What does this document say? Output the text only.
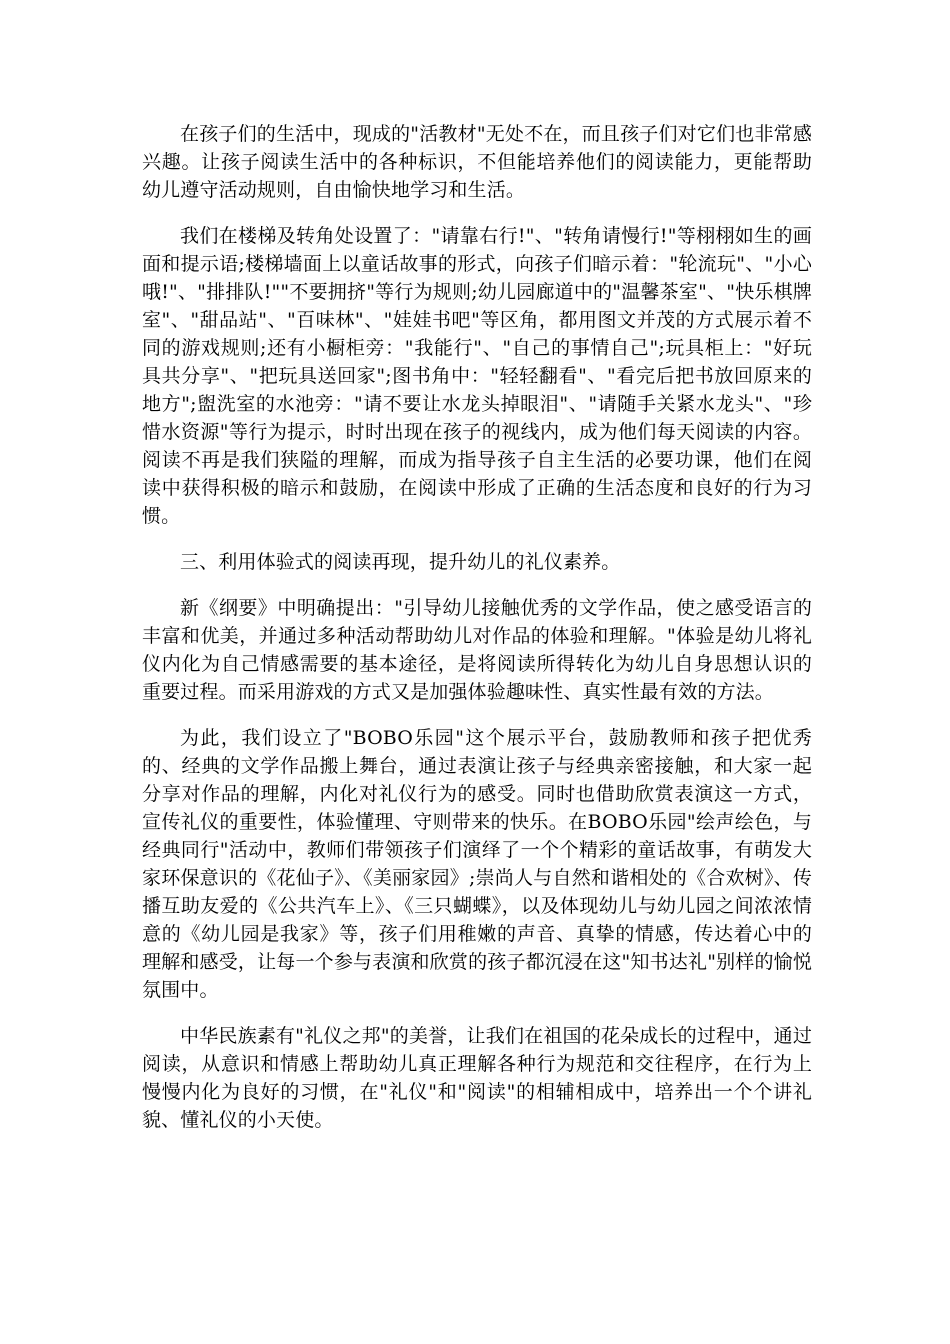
在孩子们的生活中，现成的"活教材"无处不在，而且孩子们对它们也非常感兴趣。让孩子阅读生活中的各种标识，不但能培养他们的阅读能力，更能帮助幼儿遵守活动规则，自由愉快地学习和生活。

我们在楼梯及转角处设置了："请靠右行!"、"转角请慢行!"等栩栩如生的画面和提示语;楼梯墙面上以童话故事的形式，向孩子们暗示着："轮流玩"、"小心哦!"、"排排队!""不要拥挤"等行为规则;幼儿园廊道中的"温馨茶室"、"快乐棋牌室"、"甜品站"、"百味林"、"娃娃书吧"等区角，都用图文并茂的方式展示着不同的游戏规则;还有小橱柜旁："我能行"、"自己的事情自己";玩具柜上："好玩具共分享"、"把玩具送回家";图书角中："轻轻翻看"、"看完后把书放回原来的地方";盥洗室的水池旁："请不要让水龙头掉眼泪"、"请随手关紧水龙头"、"珍惜水资源"等行为提示，时时出现在孩子的视线内，成为他们每天阅读的内容。阅读不再是我们狭隘的理解，而成为指导孩子自主生活的必要功课，他们在阅读中获得积极的暗示和鼓励，在阅读中形成了正确的生活态度和良好的行为习惯。

三、利用体验式的阅读再现，提升幼儿的礼仪素养。

新《纲要》中明确提出："引导幼儿接触优秀的文学作品，使之感受语言的丰富和优美，并通过多种活动帮助幼儿对作品的体验和理解。"体验是幼儿将礼仪内化为自己情感需要的基本途径，是将阅读所得转化为幼儿自身思想认识的重要过程。而采用游戏的方式又是加强体验趣味性、真实性最有效的方法。

为此，我们设立了"BOBO乐园"这个展示平台，鼓励教师和孩子把优秀的、经典的文学作品搬上舞台，通过表演让孩子与经典亲密接触，和大家一起分享对作品的理解，内化对礼仪行为的感受。同时也借助欣赏表演这一方式，宣传礼仪的重要性，体验懂理、守则带来的快乐。在BOBO乐园"绘声绘色，与经典同行"活动中，教师们带领孩子们演绎了一个个精彩的童话故事，有萌发大家环保意识的《花仙子》、《美丽家园》;崇尚人与自然和谐相处的《合欢树》、传播互助友爱的《公共汽车上》、《三只蝴蝶》，以及体现幼儿与幼儿园之间浓浓情意的《幼儿园是我家》等，孩子们用稚嫩的声音、真挚的情感，传达着心中的理解和感受，让每一个参与表演和欣赏的孩子都沉浸在这"知书达礼"别样的愉悦氛围中。

中华民族素有"礼仪之邦"的美誉，让我们在祖国的花朵成长的过程中，通过阅读，从意识和情感上帮助幼儿真正理解各种行为规范和交往程序，在行为上慢慢内化为良好的习惯，在"礼仪"和"阅读"的相辅相成中，培养出一个个讲礼貌、懂礼仪的小天使。
